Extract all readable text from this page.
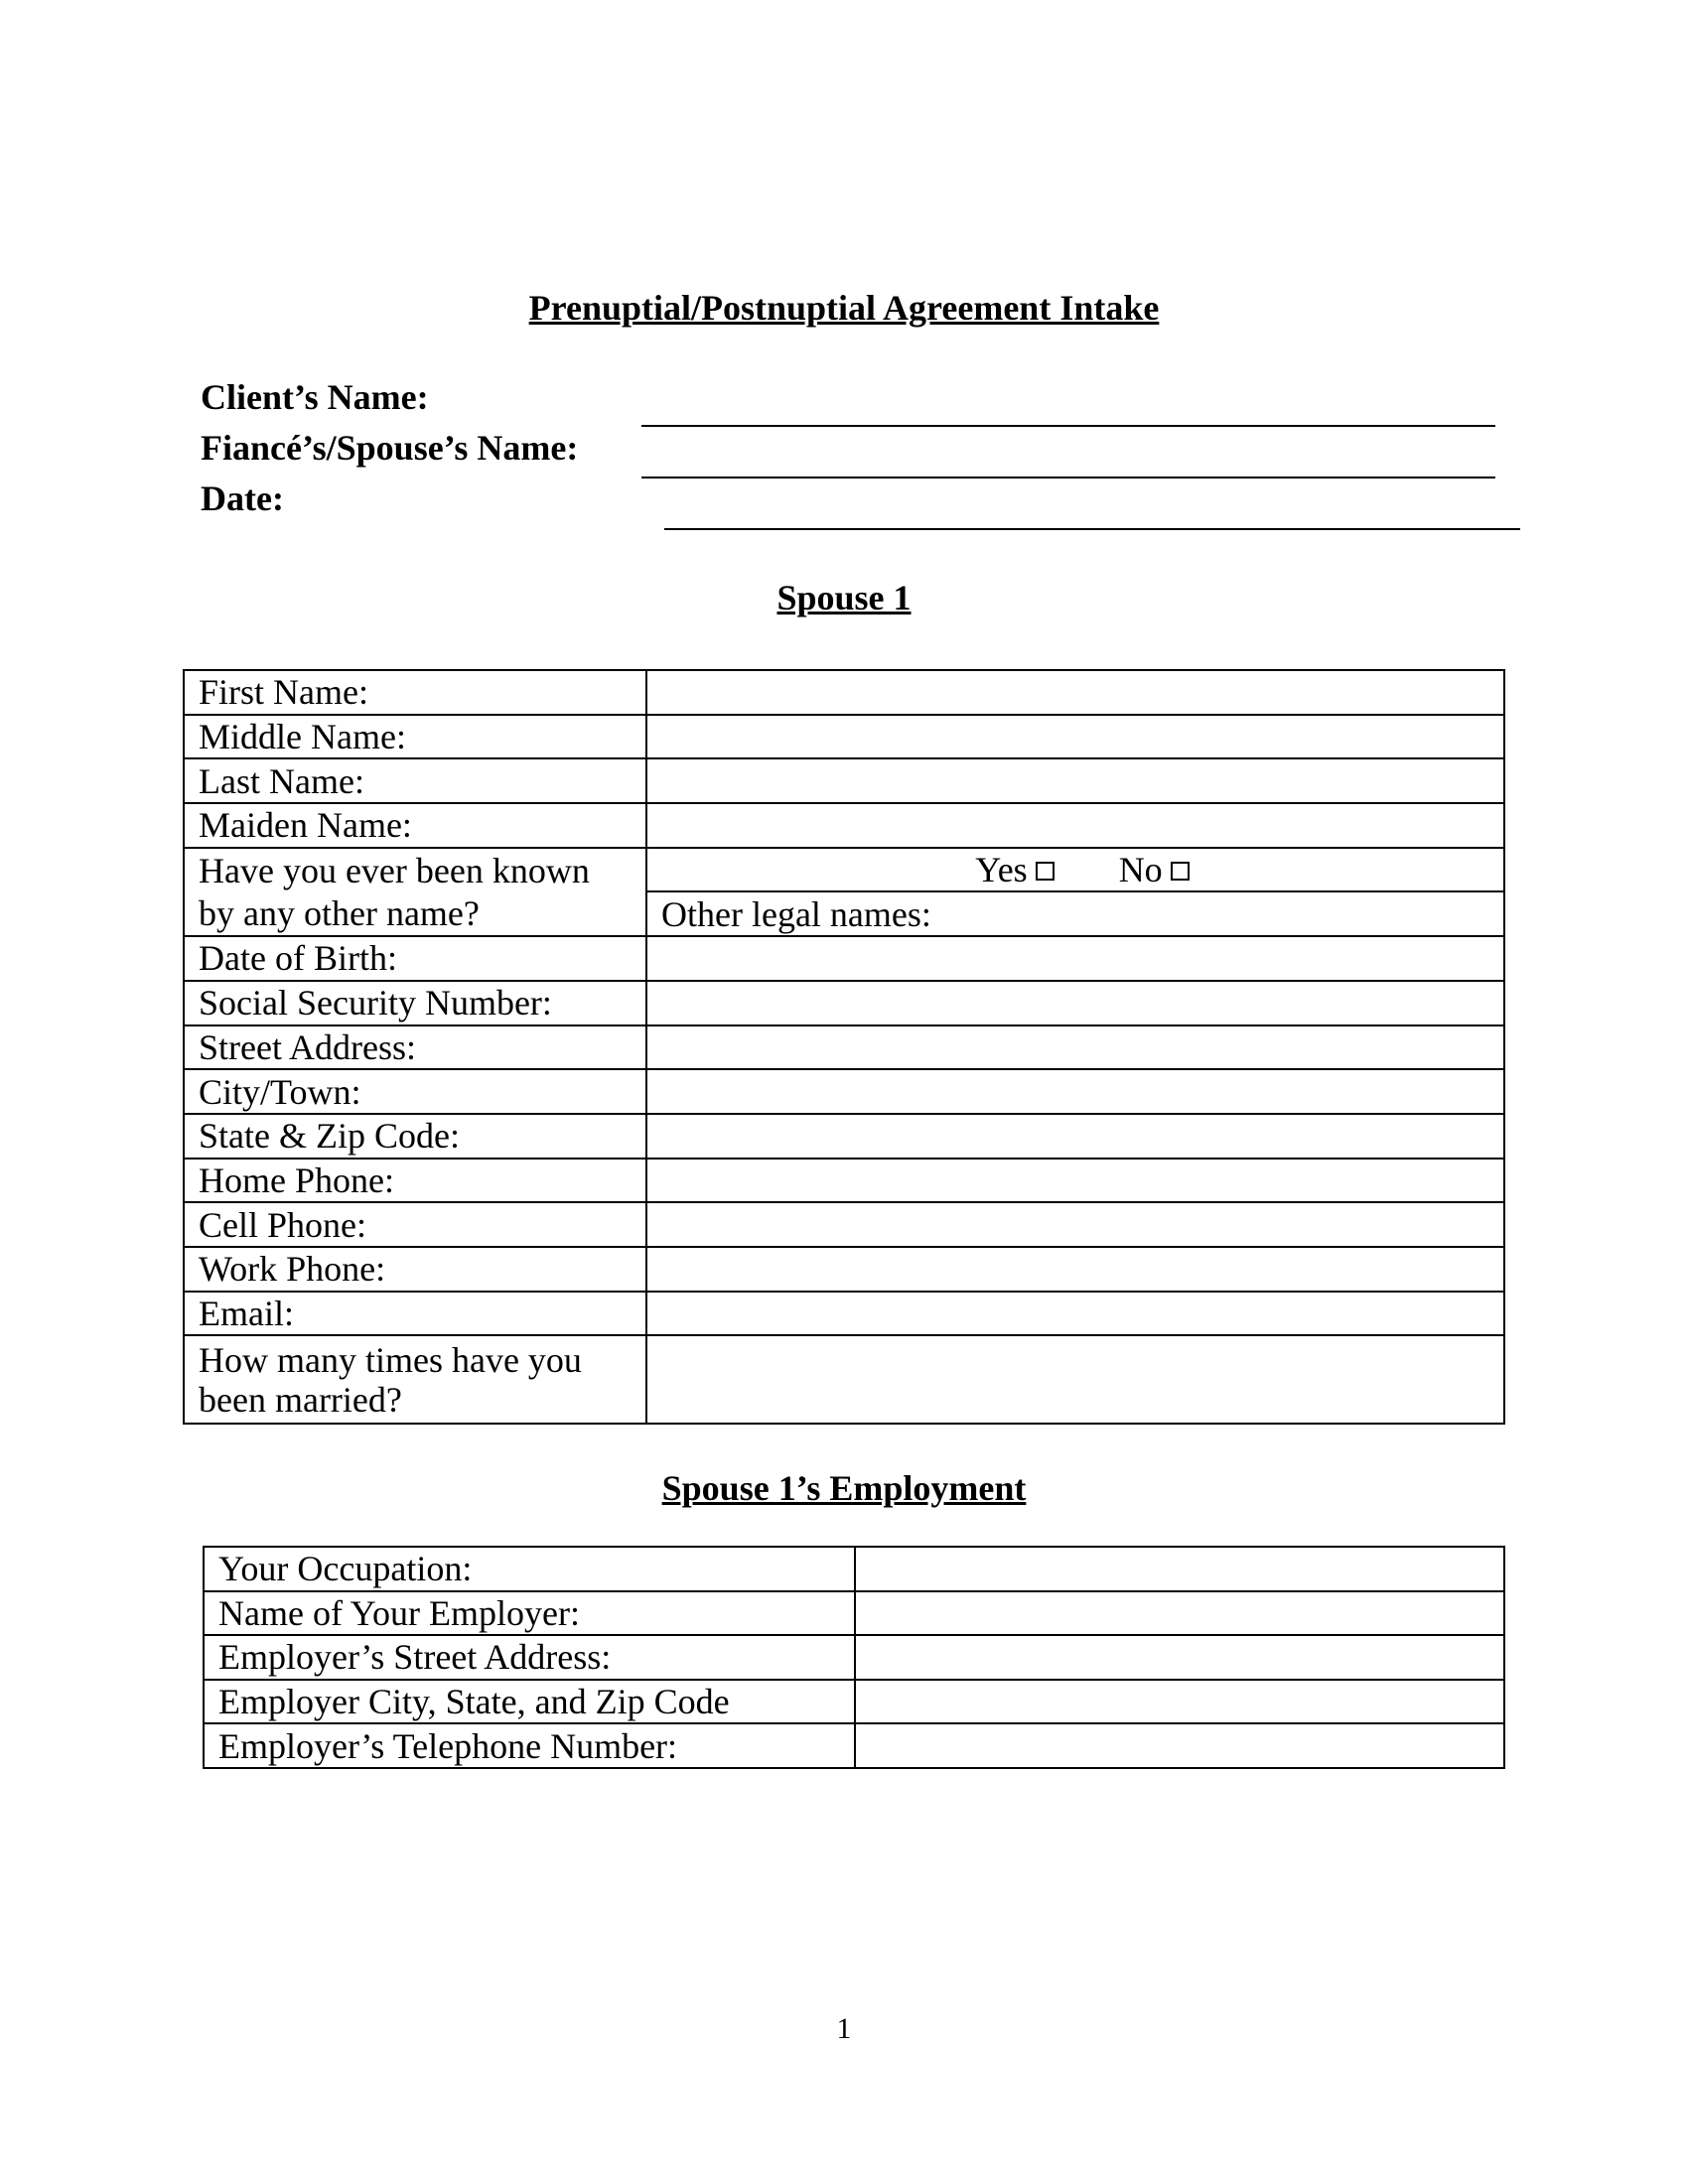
Prenuptial/Postnuptial Agreement Intake
Client’s Name:
Fiancé’s/Spouse’s Name:
Date:
Spouse 1
First Name:	
Middle Name:	
Last Name:	
Maiden Name:	
Have you ever been known	Yes No
by any other name?	Other legal names:
Date of Birth:	
Social Security Number:	
Street Address:	
City/Town:	
State & Zip Code:	
Home Phone:	
Cell Phone:	
Work Phone:	
Email:	
How many times have you
been married?	
Spouse 1’s Employment
Your Occupation:	
Name of Your Employer:	
Employer’s Street Address:	
Employer City, State, and Zip Code	
Employer’s Telephone Number:	
1
